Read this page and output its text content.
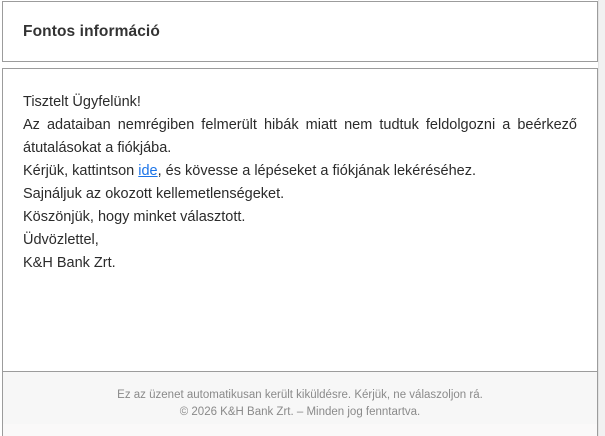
Fontos információ

Tisztelt Ügyfelünk!

Az adataiban nemrégiben felmerült hibák miatt nem tudtuk feldolgozni a beérkező átutalásokat a fiókjába.

Kérjük, kattintson ide, és kövesse a lépéseket a fiókjának lekéréséhez.

Sajnáljuk az okozott kellemetlenségeket.

Köszönjük, hogy minket választott.

Üdvözlettel,

K&H Bank Zrt.

Ez az üzenet automatikusan került kiküldésre. Kérjük, ne válaszoljon rá.
© 2026 K&H Bank Zrt. – Minden jog fenntartva.
